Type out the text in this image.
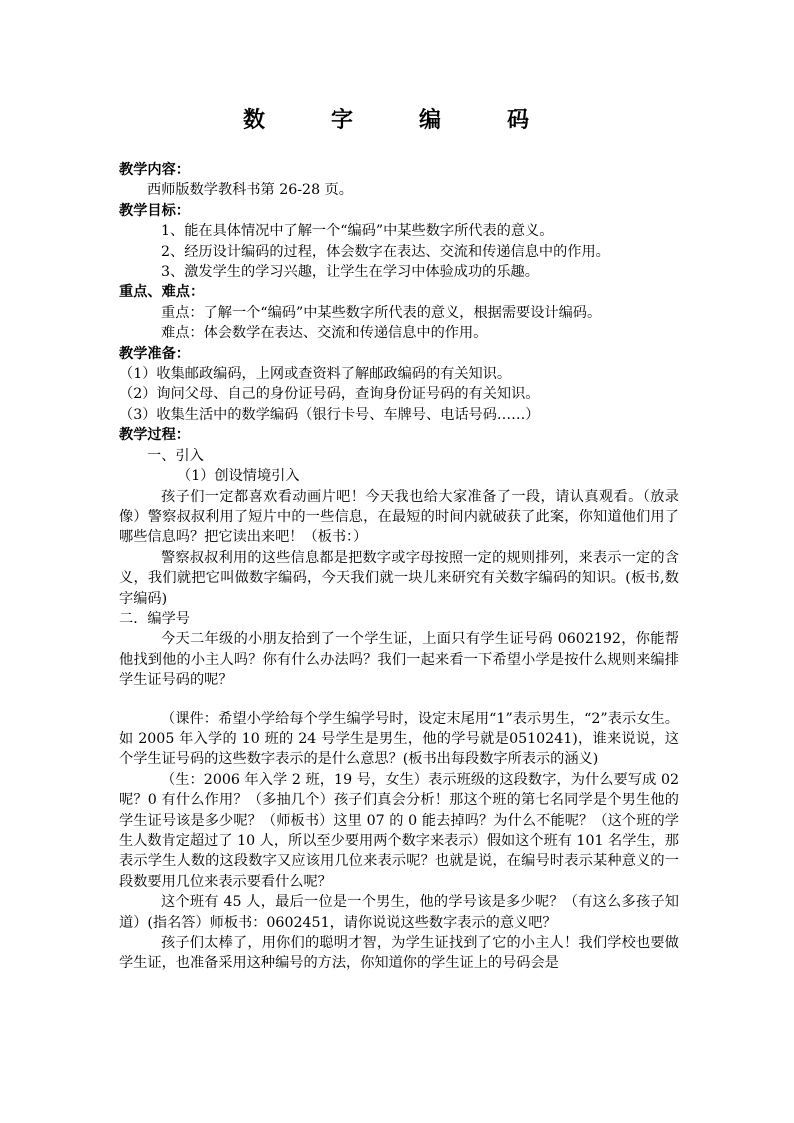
数　字　编　码

教学内容：

西师版数学教科书第 26-28 页。

教学目标：

1、能在具体情况中了解一个“编码”中某些数字所代表的意义。

2、经历设计编码的过程，体会数字在表达、交流和传递信息中的作用。

3、激发学生的学习兴趣，让学生在学习中体验成功的乐趣。

重点、难点：

重点：了解一个“编码”中某些数字所代表的意义，根据需要设计编码。

难点：体会数学在表达、交流和传递信息中的作用。

教学准备：

（1）收集邮政编码，上网或查资料了解邮政编码的有关知识。

（2）询问父母、自己的身份证号码，查询身份证号码的有关知识。

（3）收集生活中的数学编码（银行卡号、车牌号、电话号码……）

教学过程：

一、引入

（1）创设情境引入

孩子们一定都喜欢看动画片吧！今天我也给大家准备了一段，请认真观看。（放录像）警察叔叔利用了短片中的一些信息，在最短的时间内就破获了此案，你知道他们用了哪些信息吗？把它读出来吧！（板书：）

警察叔叔利用的这些信息都是把数字或字母按照一定的规则排列，来表示一定的含义，我们就把它叫做数字编码，今天我们就一块儿来研究有关数字编码的知识。(板书,数字编码)

二．编学号

今天二年级的小朋友拾到了一个学生证，上面只有学生证号码 0602192，你能帮他找到他的小主人吗？你有什么办法吗？我们一起来看一下希望小学是按什么规则来编排学生证号码的呢？

（课件：希望小学给每个学生编学号时，设定末尾用“1”表示男生，“2”表示女生。如 2005 年入学的 10 班的 24 号学生是男生，他的学号就是0510241)，谁来说说，这个学生证号码的这些数字表示的是什么意思？(板书出每段数字所表示的涵义)

（生：2006 年入学 2 班，19 号，女生）表示班级的这段数字，为什么要写成 02 呢？0 有什么作用？（多抽几个）孩子们真会分析！那这个班的第七名同学是个男生他的学生证号该是多少呢？（师板书）这里 07 的 0 能去掉吗？为什么不能呢？（这个班的学生人数肯定超过了 10 人，所以至少要用两个数字来表示）假如这个班有 101 名学生，那表示学生人数的这段数字又应该用几位来表示呢？也就是说，在编号时表示某种意义的一段数要用几位来表示要看什么呢？

这个班有 45 人，最后一位是一个男生，他的学号该是多少呢？（有这么多孩子知道）(指名答）师板书：0602451，请你说说这些数字表示的意义吧？

孩子们太棒了，用你们的聪明才智，为学生证找到了它的小主人！我们学校也要做学生证，也准备采用这种编号的方法，你知道你的学生证上的号码会是
